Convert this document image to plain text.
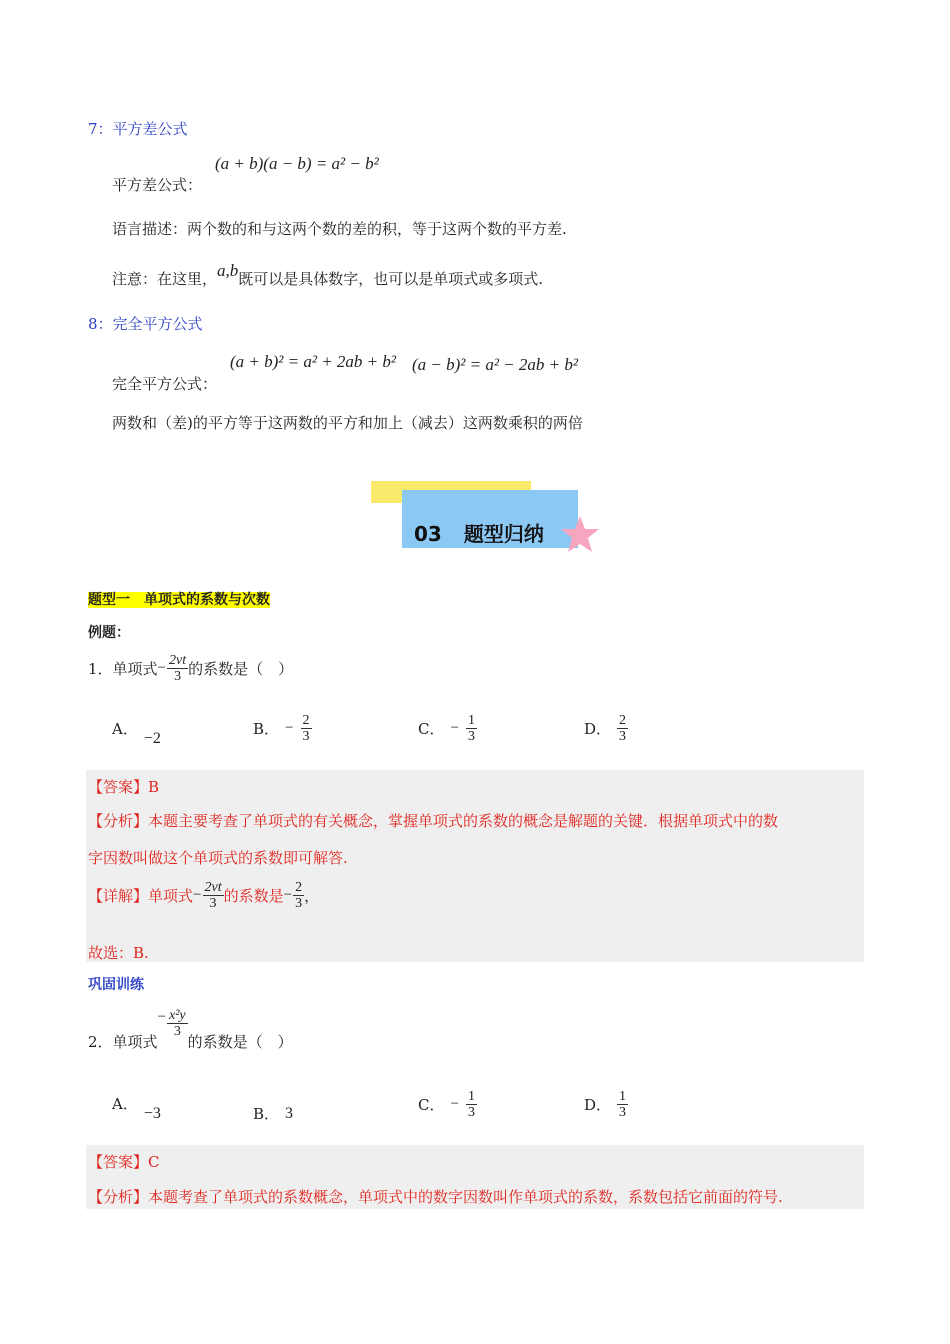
7：平方差公式
(a + b)(a − b) = a² − b²
平方差公式：
语言描述：两个数的和与这两个数的差的积，等于这两个数的平方差.
注意：在这里，a,b既可以是具体数字，也可以是单项式或多项式.
8：完全平方公式
(a + b)² = a² + 2ab + b² (a − b)² = a² − 2ab + b²
完全平方公式：
两数和（差)的平方等于这两数的平方和加上（减去）这两数乘积的两倍
03 题型归纳
题型一　单项式的系数与次数
例题：
1．单项式 − $\frac{2vt}{3}$ 的系数是（　）
A． −2	B． − $\frac{2}{3}$	C． − $\frac{1}{3}$	D． $\frac{2}{3}$
【答案】B
【分析】本题主要考查了单项式的有关概念，掌握单项式的系数的概念是解题的关键．根据单项式中的数
字因数叫做这个单项式的系数即可解答.
【详解】 单项式 − $\frac{2vt}{3}$ 的系数是 − $\frac{2}{3}$ ，
故选：B.
巩固训练
2．单项式
− $\frac{\text{x²y}}{3}$
的系数是（　）
A． −3	B． 3	C． − $\frac{1}{3}$	D． $\frac{1}{3}$
【答案】C
【分析】本题考查了单项式的系数概念，单项式中的数字因数叫作单项式的系数，系数包括它前面的符号.
